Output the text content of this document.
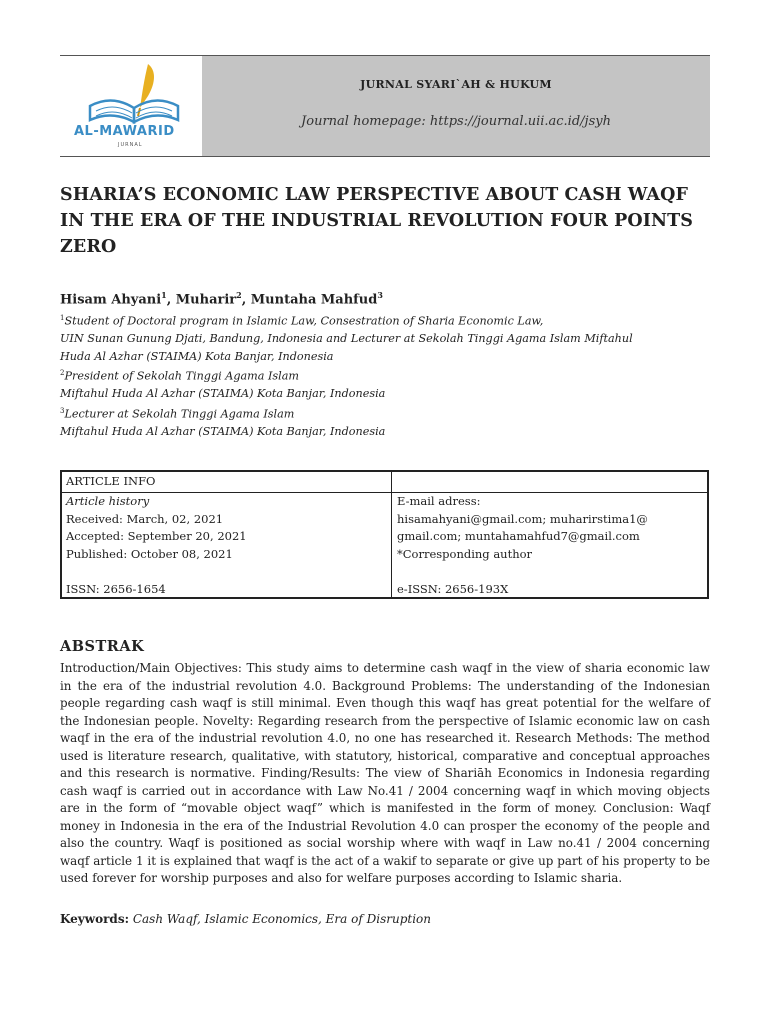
AL-MAWARID
JURNAL
JURNAL SYARI`AH & HUKUM
Journal homepage: https://journal.uii.ac.id/jsyh
SHARIA’S ECONOMIC LAW PERSPECTIVE ABOUT CASH WAQF IN THE ERA OF THE INDUSTRIAL REVOLUTION FOUR POINTS ZERO
Hisam Ahyani$^1$, Muharir$^2$, Muntaha Mahfud$^3$
$^1$Student of Doctoral program in Islamic Law, Consestration of Sharia Economic Law,
UIN Sunan Gunung Djati, Bandung, Indonesia and Lecturer at Sekolah Tinggi Agama Islam Miftahul
Huda Al Azhar (STAIMA) Kota Banjar, Indonesia
$^2$President of Sekolah Tinggi Agama Islam
Miftahul Huda Al Azhar (STAIMA) Kota Banjar, Indonesia
$^3$Lecturer at Sekolah Tinggi Agama Islam
Miftahul Huda Al Azhar (STAIMA) Kota Banjar, Indonesia
ARTICLE INFO
Article history
Received: March, 02, 2021
Accepted: September 20, 2021
Published: October 08, 2021
ISSN: 2656-1654
E-mail adress:
hisamahyani@gmail.com; muharirstima1@
gmail.com; muntahamahfud7@gmail.com
*Corresponding author
e-ISSN: 2656-193X
ABSTRAK
Introduction/Main Objectives: This study aims to determine cash waqf in the view of sharia economic law in the era of the industrial revolution 4.0. Background Problems: The understanding of the Indonesian people regarding cash waqf is still minimal. Even though this waqf has great potential for the welfare of the Indonesian people. Novelty: Regarding research from the perspective of Islamic economic law on cash waqf in the era of the industrial revolution 4.0, no one has researched it. Research Methods: The method used is literature research, qualitative, with statutory, historical, comparative and conceptual approaches and this research is normative. Finding/Results: The view of Shariāh Economics in Indonesia regarding cash waqf is carried out in accordance with Law No.41 / 2004 concerning waqf in which moving objects are in the form of “movable object waqf” which is manifested in the form of money. Conclusion: Waqf money in Indonesia in the era of the Industrial Revolution 4.0 can prosper the economy of the people and also the country. Waqf is positioned as social worship where with waqf in Law no.41 / 2004 concerning waqf article 1 it is explained that waqf is the act of a wakif to separate or give up part of his property to be used forever for worship purposes and also for welfare purposes according to Islamic sharia.
Keywords: Cash Waqf, Islamic Economics, Era of Disruption
